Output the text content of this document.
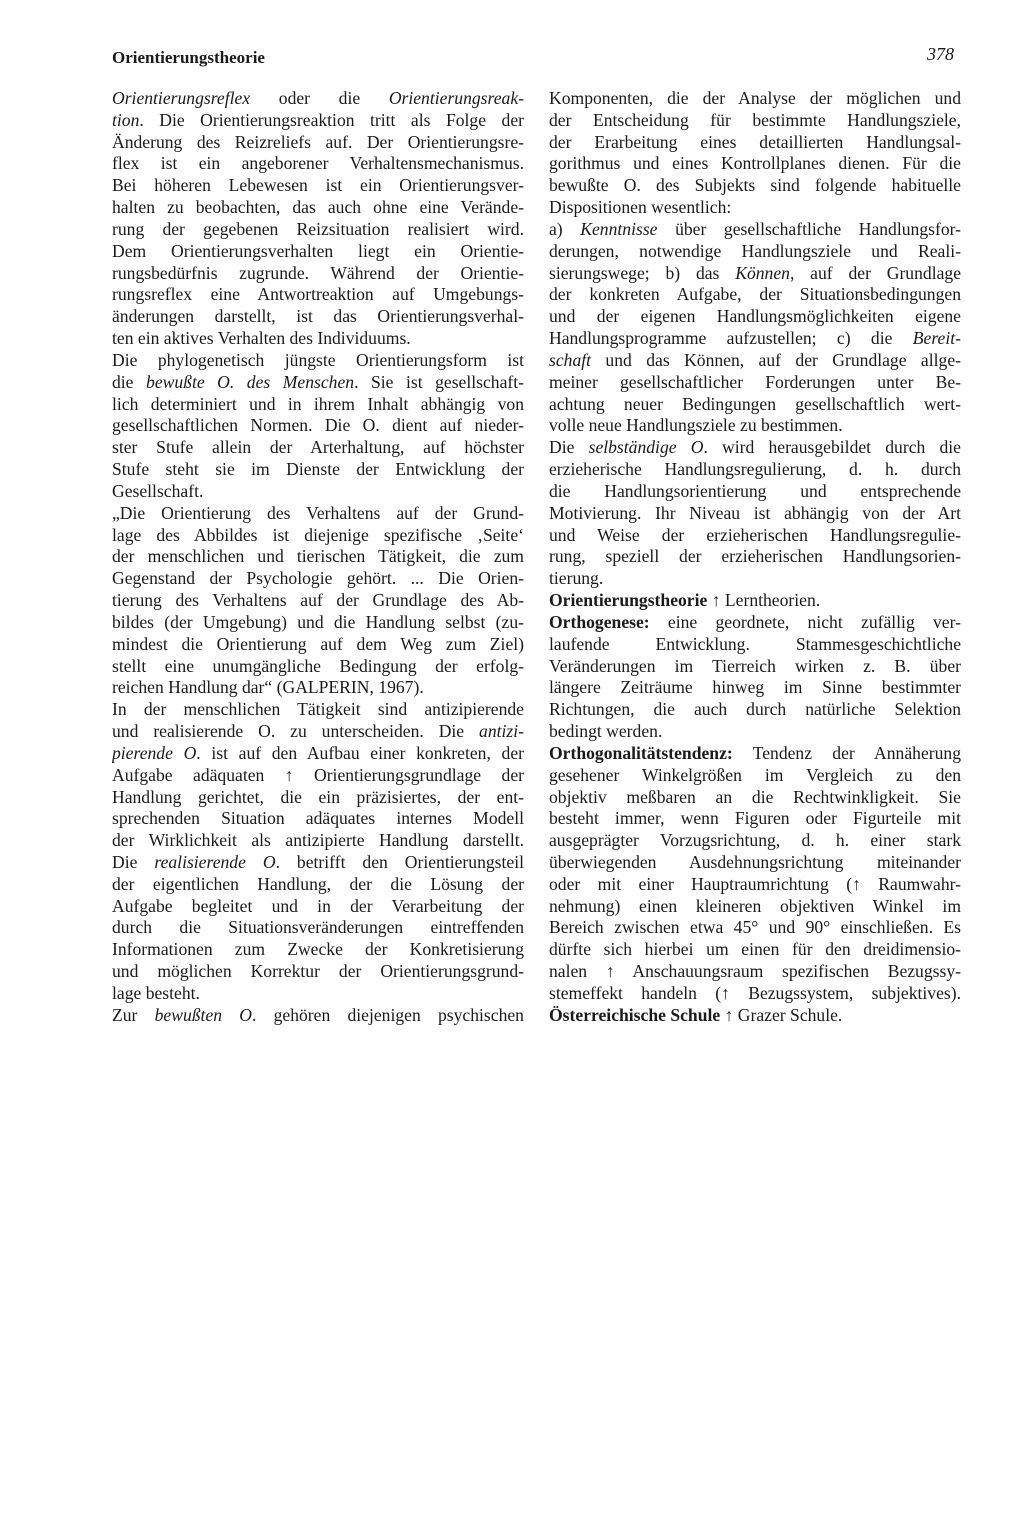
Orientierungstheorie	378
Orientierungsreflex oder die Orientierungsreak-
tion. Die Orientierungsreaktion tritt als Folge der
Änderung des Reizreliefs auf. Der Orientierungsre-
flex ist ein angeborener Verhaltensmechanismus.
Bei höheren Lebewesen ist ein Orientierungsver-
halten zu beobachten, das auch ohne eine Verände-
rung der gegebenen Reizsituation realisiert wird.
Dem Orientierungsverhalten liegt ein Orientie-
rungsbedürfnis zugrunde. Während der Orientie-
rungsreflex eine Antwortreaktion auf Umgebungs-
änderungen darstellt, ist das Orientierungsverhal-
ten ein aktives Verhalten des Individuums.
Die phylogenetisch jüngste Orientierungsform ist
die bewußte O. des Menschen. Sie ist gesellschaft-
lich determiniert und in ihrem Inhalt abhängig von
gesellschaftlichen Normen. Die O. dient auf nieder-
ster Stufe allein der Arterhaltung, auf höchster
Stufe steht sie im Dienste der Entwicklung der
Gesellschaft.
„Die Orientierung des Verhaltens auf der Grund-
lage des Abbildes ist diejenige spezifische ‚Seite‘
der menschlichen und tierischen Tätigkeit, die zum
Gegenstand der Psychologie gehört. ... Die Orien-
tierung des Verhaltens auf der Grundlage des Ab-
bildes (der Umgebung) und die Handlung selbst (zu-
mindest die Orientierung auf dem Weg zum Ziel)
stellt eine unumgängliche Bedingung der erfolg-
reichen Handlung dar“ (GALPERIN, 1967).
In der menschlichen Tätigkeit sind antizipierende
und realisierende O. zu unterscheiden. Die antizi-
pierende O. ist auf den Aufbau einer konkreten, der
Aufgabe adäquaten ↑ Orientierungsgrundlage der
Handlung gerichtet, die ein präzisiertes, der ent-
sprechenden Situation adäquates internes Modell
der Wirklichkeit als antizipierte Handlung darstellt.
Die realisierende O. betrifft den Orientierungsteil
der eigentlichen Handlung, der die Lösung der
Aufgabe begleitet und in der Verarbeitung der
durch die Situationsveränderungen eintreffenden
Informationen zum Zwecke der Konkretisierung
und möglichen Korrektur der Orientierungsgrund-
lage besteht.
Zur bewußten O. gehören diejenigen psychischen
Komponenten, die der Analyse der möglichen und
der Entscheidung für bestimmte Handlungsziele,
der Erarbeitung eines detaillierten Handlungsal-
gorithmus und eines Kontrollplanes dienen. Für die
bewußte O. des Subjekts sind folgende habituelle
Dispositionen wesentlich:
a) Kenntnisse über gesellschaftliche Handlungsfor-
derungen, notwendige Handlungsziele und Reali-
sierungswege; b) das Können, auf der Grundlage
der konkreten Aufgabe, der Situationsbedingungen
und der eigenen Handlungsmöglichkeiten eigene
Handlungsprogramme aufzustellen; c) die Bereit-
schaft und das Können, auf der Grundlage allge-
meiner gesellschaftlicher Forderungen unter Be-
achtung neuer Bedingungen gesellschaftlich wert-
volle neue Handlungsziele zu bestimmen.
Die selbständige O. wird herausgebildet durch die
erzieherische Handlungsregulierung, d. h. durch
die Handlungsorientierung und entsprechende
Motivierung. Ihr Niveau ist abhängig von der Art
und Weise der erzieherischen Handlungsregulie-
rung, speziell der erzieherischen Handlungsorien-
tierung.
Orientierungstheorie ↑ Lerntheorien.
Orthogenese: eine geordnete, nicht zufällig ver-
laufende Entwicklung. Stammesgeschichtliche
Veränderungen im Tierreich wirken z. B. über
längere Zeiträume hinweg im Sinne bestimmter
Richtungen, die auch durch natürliche Selektion
bedingt werden.
Orthogonalitätstendenz: Tendenz der Annäherung
gesehener Winkelgrößen im Vergleich zu den
objektiv meßbaren an die Rechtwinkligkeit. Sie
besteht immer, wenn Figuren oder Figurteile mit
ausgeprägter Vorzugsrichtung, d. h. einer stark
überwiegenden Ausdehnungsrichtung miteinander
oder mit einer Hauptraumrichtung (↑ Raumwahr-
nehmung) einen kleineren objektiven Winkel im
Bereich zwischen etwa 45° und 90° einschließen. Es
dürfte sich hierbei um einen für den dreidimensio-
nalen ↑ Anschauungsraum spezifischen Bezugssy-
stemeffekt handeln (↑ Bezugssystem, subjektives).
Österreichische Schule ↑ Grazer Schule.
